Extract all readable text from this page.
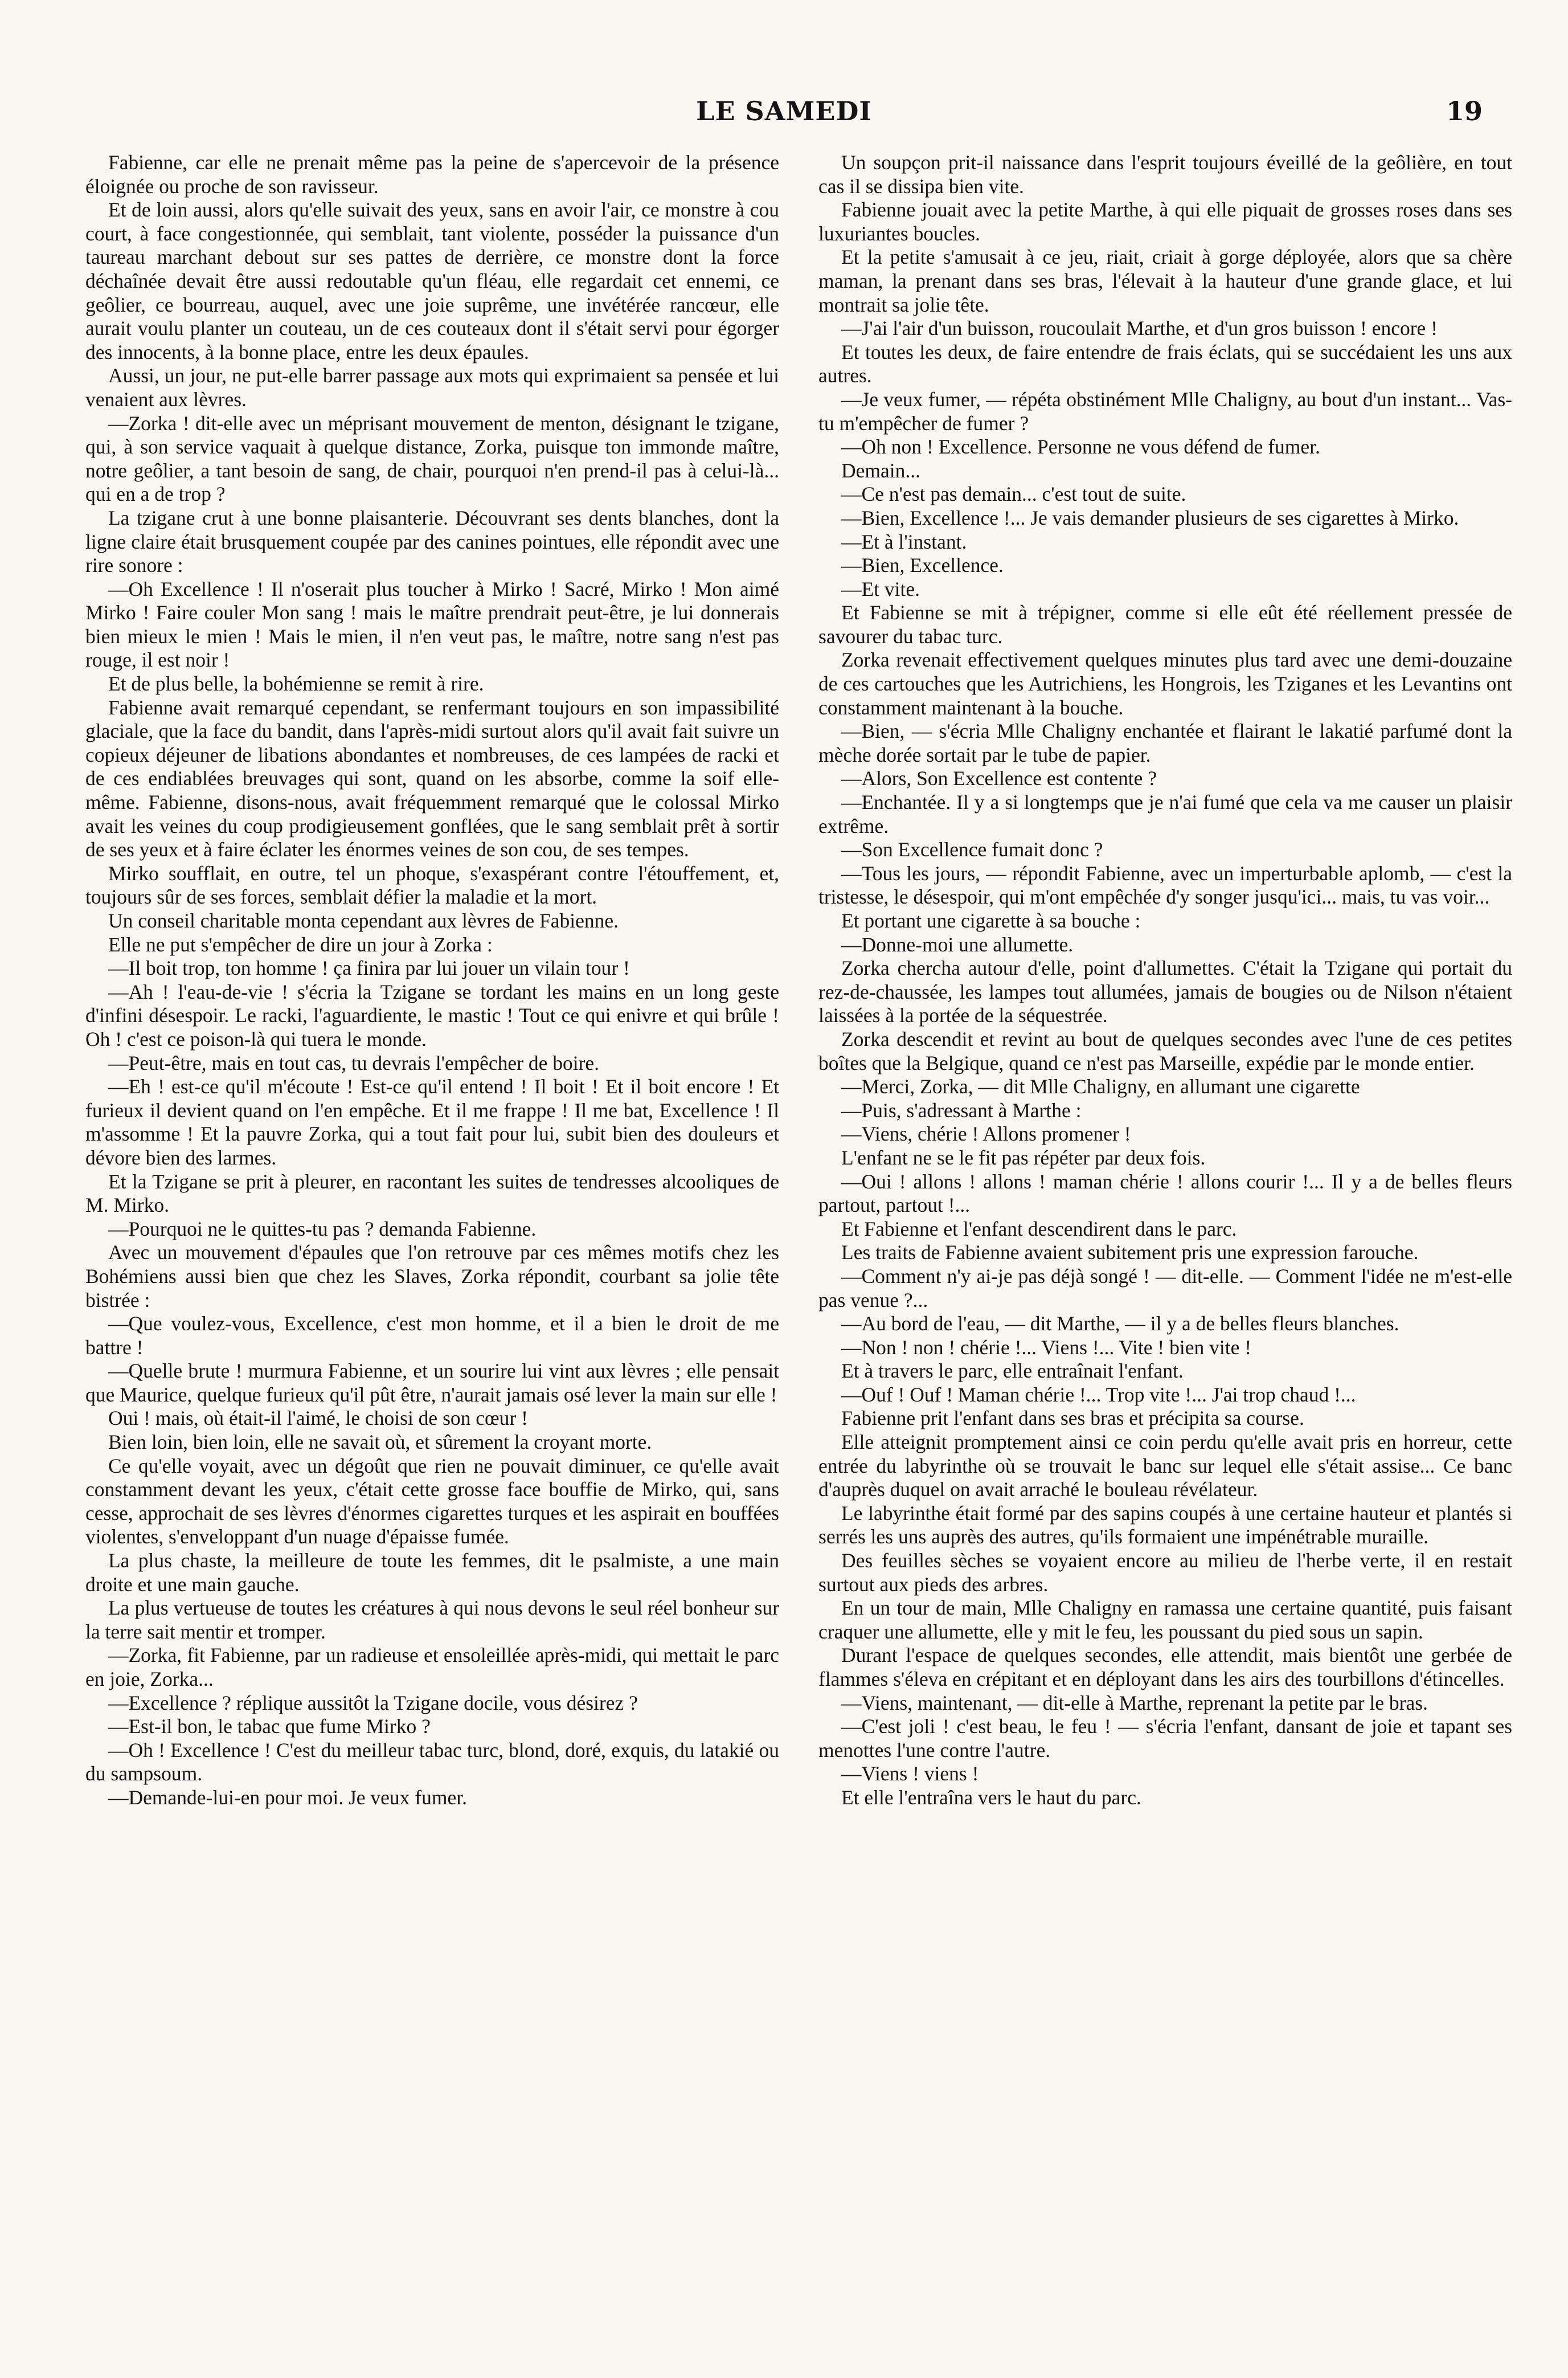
LE SAMEDI	19

Fabienne, car elle ne prenait même pas la peine de s'apercevoir de la présence éloignée ou proche de son ravisseur.

Et de loin aussi, alors qu'elle suivait des yeux, sans en avoir l'air, ce monstre à cou court, à face congestionnée, qui semblait, tant violente, posséder la puissance d'un taureau marchant debout sur ses pattes de derrière, ce monstre dont la force déchaînée devait être aussi redoutable qu'un fléau, elle regardait cet ennemi, ce geôlier, ce bourreau, auquel, avec une joie suprême, une invétérée rancœur, elle aurait voulu planter un couteau, un de ces couteaux dont il s'était servi pour égorger des innocents, à la bonne place, entre les deux épaules.

Aussi, un jour, ne put-elle barrer passage aux mots qui exprimaient sa pensée et lui venaient aux lèvres.

—Zorka ! dit-elle avec un méprisant mouvement de menton, désignant le tzigane, qui, à son service vaquait à quelque distance, Zorka, puisque ton immonde maître, notre geôlier, a tant besoin de sang, de chair, pourquoi n'en prend-il pas à celui-là... qui en a de trop ?

La tzigane crut à une bonne plaisanterie. Découvrant ses dents blanches, dont la ligne claire était brusquement coupée par des canines pointues, elle répondit avec une rire sonore :

—Oh Excellence ! Il n'oserait plus toucher à Mirko ! Sacré, Mirko ! Mon aimé Mirko ! Faire couler Mon sang ! mais le maître prendrait peut-être, je lui donnerais bien mieux le mien ! Mais le mien, il n'en veut pas, le maître, notre sang n'est pas rouge, il est noir !

Et de plus belle, la bohémienne se remit à rire.

Fabienne avait remarqué cependant, se renfermant toujours en son impassibilité glaciale, que la face du bandit, dans l'après-midi surtout alors qu'il avait fait suivre un copieux déjeuner de libations abondantes et nombreuses, de ces lampées de racki et de ces endiablées breuvages qui sont, quand on les absorbe, comme la soif elle-même. Fabienne, disons-nous, avait fréquemment remarqué que le colossal Mirko avait les veines du coup prodigieusement gonflées, que le sang semblait prêt à sortir de ses yeux et à faire éclater les énormes veines de son cou, de ses tempes.

Mirko soufflait, en outre, tel un phoque, s'exaspérant contre l'étouffement, et, toujours sûr de ses forces, semblait défier la maladie et la mort.

Un conseil charitable monta cependant aux lèvres de Fabienne.

Elle ne put s'empêcher de dire un jour à Zorka :

—Il boit trop, ton homme ! ça finira par lui jouer un vilain tour !

—Ah ! l'eau-de-vie ! s'écria la Tzigane se tordant les mains en un long geste d'infini désespoir. Le racki, l'aguardiente, le mastic ! Tout ce qui enivre et qui brûle ! Oh ! c'est ce poison-là qui tuera le monde.

—Peut-être, mais en tout cas, tu devrais l'empêcher de boire.

—Eh ! est-ce qu'il m'écoute ! Est-ce qu'il entend ! Il boit ! Et il boit encore ! Et furieux il devient quand on l'en empêche. Et il me frappe ! Il me bat, Excellence ! Il m'assomme ! Et la pauvre Zorka, qui a tout fait pour lui, subit bien des douleurs et dévore bien des larmes.

Et la Tzigane se prit à pleurer, en racontant les suites de tendresses alcooliques de M. Mirko.

—Pourquoi ne le quittes-tu pas ? demanda Fabienne.

Avec un mouvement d'épaules que l'on retrouve par ces mêmes motifs chez les Bohémiens aussi bien que chez les Slaves, Zorka répondit, courbant sa jolie tête bistrée :

—Que voulez-vous, Excellence, c'est mon homme, et il a bien le droit de me battre !

—Quelle brute ! murmura Fabienne, et un sourire lui vint aux lèvres ; elle pensait que Maurice, quelque furieux qu'il pût être, n'aurait jamais osé lever la main sur elle !

Oui ! mais, où était-il l'aimé, le choisi de son cœur !

Bien loin, bien loin, elle ne savait où, et sûrement la croyant morte.

Ce qu'elle voyait, avec un dégoût que rien ne pouvait diminuer, ce qu'elle avait constamment devant les yeux, c'était cette grosse face bouffie de Mirko, qui, sans cesse, approchait de ses lèvres d'énormes cigarettes turques et les aspirait en bouffées violentes, s'enveloppant d'un nuage d'épaisse fumée.

La plus chaste, la meilleure de toute les femmes, dit le psalmiste, a une main droite et une main gauche.

La plus vertueuse de toutes les créatures à qui nous devons le seul réel bonheur sur la terre sait mentir et tromper.

—Zorka, fit Fabienne, par un radieuse et ensoleillée après-midi, qui mettait le parc en joie, Zorka...

—Excellence ? réplique aussitôt la Tzigane docile, vous désirez ?

—Est-il bon, le tabac que fume Mirko ?

—Oh ! Excellence ! C'est du meilleur tabac turc, blond, doré, exquis, du latakié ou du sampsoum.

—Demande-lui-en pour moi. Je veux fumer.

Un soupçon prit-il naissance dans l'esprit toujours éveillé de la geôlière, en tout cas il se dissipa bien vite.

Fabienne jouait avec la petite Marthe, à qui elle piquait de grosses roses dans ses luxuriantes boucles.

Et la petite s'amusait à ce jeu, riait, criait à gorge déployée, alors que sa chère maman, la prenant dans ses bras, l'élevait à la hauteur d'une grande glace, et lui montrait sa jolie tête.

—J'ai l'air d'un buisson, roucoulait Marthe, et d'un gros buisson ! encore !

Et toutes les deux, de faire entendre de frais éclats, qui se succédaient les uns aux autres.

—Je veux fumer, — répéta obstinément Mlle Chaligny, au bout d'un instant... Vas-tu m'empêcher de fumer ?

—Oh non ! Excellence. Personne ne vous défend de fumer.

Demain...

—Ce n'est pas demain... c'est tout de suite.

—Bien, Excellence !... Je vais demander plusieurs de ses cigarettes à Mirko.

—Et à l'instant.

—Bien, Excellence.

—Et vite.

Et Fabienne se mit à trépigner, comme si elle eût été réellement pressée de savourer du tabac turc.

Zorka revenait effectivement quelques minutes plus tard avec une demi-douzaine de ces cartouches que les Autrichiens, les Hongrois, les Tziganes et les Levantins ont constamment maintenant à la bouche.

—Bien, — s'écria Mlle Chaligny enchantée et flairant le lakatié parfumé dont la mèche dorée sortait par le tube de papier.

—Alors, Son Excellence est contente ?

—Enchantée. Il y a si longtemps que je n'ai fumé que cela va me causer un plaisir extrême.

—Son Excellence fumait donc ?

—Tous les jours, — répondit Fabienne, avec un imperturbable aplomb, — c'est la tristesse, le désespoir, qui m'ont empêchée d'y songer jusqu'ici... mais, tu vas voir...

Et portant une cigarette à sa bouche :

—Donne-moi une allumette.

Zorka chercha autour d'elle, point d'allumettes. C'était la Tzigane qui portait du rez-de-chaussée, les lampes tout allumées, jamais de bougies ou de Nilson n'étaient laissées à la portée de la séquestrée.

Zorka descendit et revint au bout de quelques secondes avec l'une de ces petites boîtes que la Belgique, quand ce n'est pas Marseille, expédie par le monde entier.

—Merci, Zorka, — dit Mlle Chaligny, en allumant une cigarette

—Puis, s'adressant à Marthe :

—Viens, chérie ! Allons promener !

L'enfant ne se le fit pas répéter par deux fois.

—Oui ! allons ! allons ! maman chérie ! allons courir !... Il y a de belles fleurs partout, partout !...

Et Fabienne et l'enfant descendirent dans le parc.

Les traits de Fabienne avaient subitement pris une expression farouche.

—Comment n'y ai-je pas déjà songé ! — dit-elle. — Comment l'idée ne m'est-elle pas venue ?...

—Au bord de l'eau, — dit Marthe, — il y a de belles fleurs blanches.

—Non ! non ! chérie !... Viens !... Vite ! bien vite !

Et à travers le parc, elle entraînait l'enfant.

—Ouf ! Ouf ! Maman chérie !... Trop vite !... J'ai trop chaud !...

Fabienne prit l'enfant dans ses bras et précipita sa course.

Elle atteignit promptement ainsi ce coin perdu qu'elle avait pris en horreur, cette entrée du labyrinthe où se trouvait le banc sur lequel elle s'était assise... Ce banc d'auprès duquel on avait arraché le bouleau révélateur.

Le labyrinthe était formé par des sapins coupés à une certaine hauteur et plantés si serrés les uns auprès des autres, qu'ils formaient une impénétrable muraille.

Des feuilles sèches se voyaient encore au milieu de l'herbe verte, il en restait surtout aux pieds des arbres.

En un tour de main, Mlle Chaligny en ramassa une certaine quantité, puis faisant craquer une allumette, elle y mit le feu, les poussant du pied sous un sapin.

Durant l'espace de quelques secondes, elle attendit, mais bientôt une gerbée de flammes s'éleva en crépitant et en déployant dans les airs des tourbillons d'étincelles.

—Viens, maintenant, — dit-elle à Marthe, reprenant la petite par le bras.

—C'est joli ! c'est beau, le feu ! — s'écria l'enfant, dansant de joie et tapant ses menottes l'une contre l'autre.

—Viens ! viens !

Et elle l'entraîna vers le haut du parc.
